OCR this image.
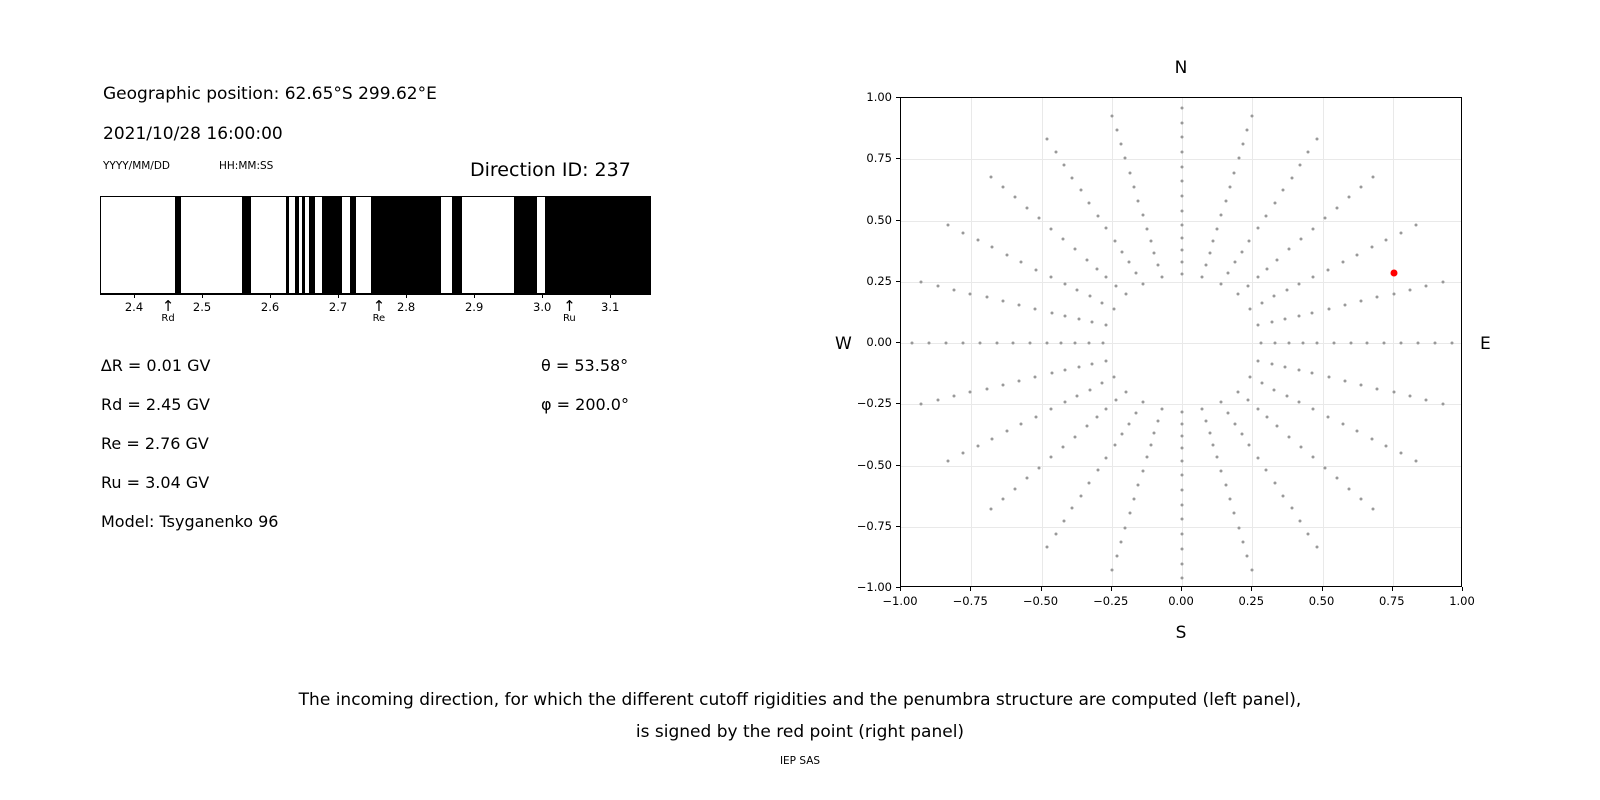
Geographic position: 62.65°S 299.62°E
2021/10/28 16:00:00
YYYY/MM/DD	HH:MM:SS	Direction ID: 237
2.4	2.5	2.6	2.7	2.8	2.9	3.0	3.1
↑
Rd
↑
Re
↑
Ru
∆R = 0.01 GV
Rd = 2.45 GV
Re = 2.76 GV
Ru = 3.04 GV
Model: Tsyganenko 96
θ = 53.58°
φ = 200.0°
N
S
W	E
−1.00	−0.75	−0.50	−0.25	0.00	0.25	0.50	0.75	1.00
−1.00
−0.75
−0.50
−0.25
0.00
0.25
0.50
0.75
1.00
The incoming direction, for which the different cutoff rigidities and the penumbra structure are computed (left panel),
is signed by the red point (right panel)
IEP SAS
